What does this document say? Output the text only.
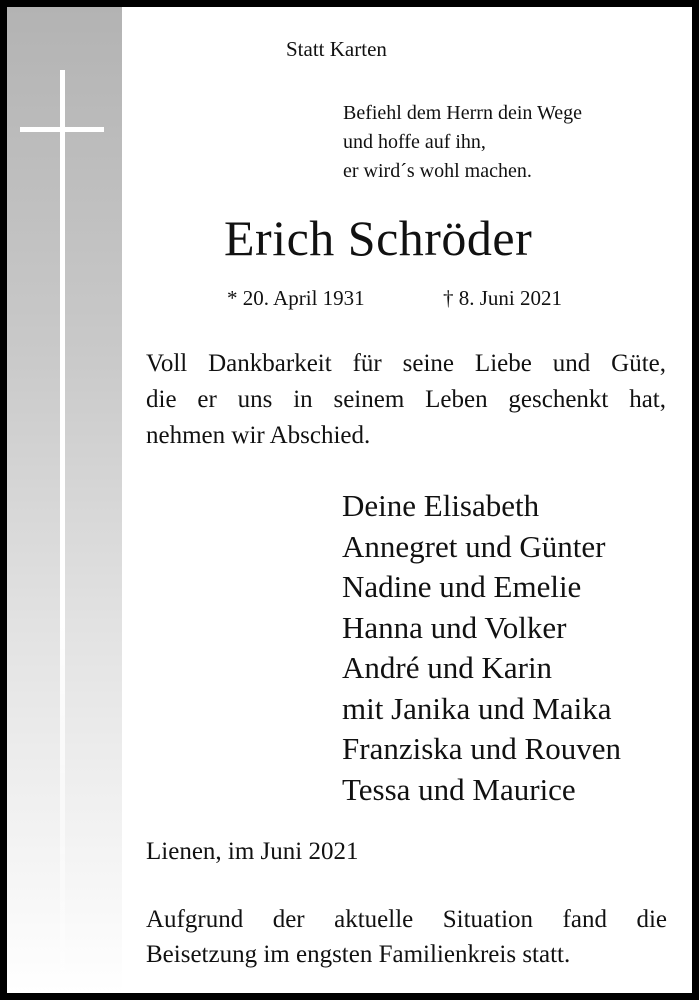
Statt Karten
Befiehl dem Herrn dein Wege
und hoffe auf ihn,
er wird´s wohl machen.
Erich Schröder
* 20. April 1931	† 8. Juni 2021
Voll Dankbarkeit für seine Liebe und Güte,
die er uns in seinem Leben geschenkt hat,
nehmen wir Abschied.
Deine Elisabeth
Annegret und Günter
Nadine und Emelie
Hanna und Volker
André und Karin
mit Janika und Maika
Franziska und Rouven
Tessa und Maurice
Lienen, im Juni 2021
Aufgrund der aktuelle Situation fand die
Beisetzung im engsten Familienkreis statt.
